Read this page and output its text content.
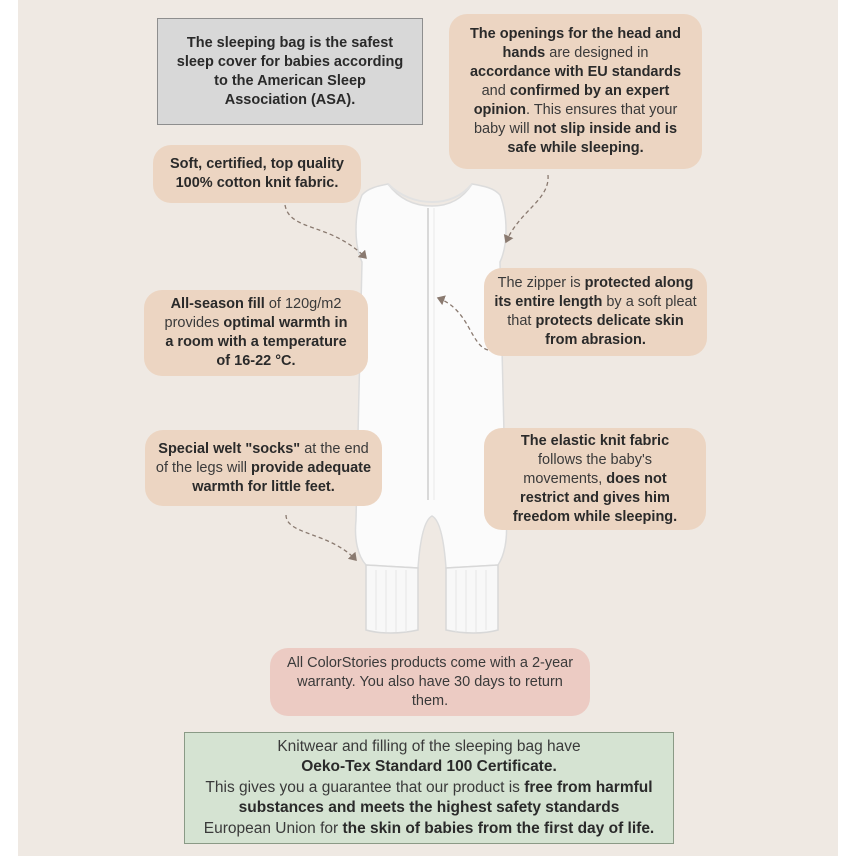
The sleeping bag is the safest
sleep cover for babies according
to the American Sleep
Association (ASA).
The openings for the head and
hands are designed in
accordance with EU standards
and confirmed by an expert
opinion. This ensures that your
baby will not slip inside and is
safe while sleeping.
Soft, certified, top quality
100% cotton knit fabric.
The zipper is protected along
its entire length by a soft pleat
that protects delicate skin
from abrasion.
All-season fill of 120g/m2
provides optimal warmth in
a room with a temperature
of 16-22 °C.
Special welt "socks" at the end
of the legs will provide adequate
warmth for little feet.
The elastic knit fabric
follows the baby's
movements, does not
restrict and gives him
freedom while sleeping.
All ColorStories products come with a 2-year
warranty. You also have 30 days to return
them.
Knitwear and filling of the sleeping bag have
Oeko-Tex Standard 100 Certificate.
This gives you a guarantee that our product is free from harmful
substances and meets the highest safety standards
European Union for the skin of babies from the first day of life.
